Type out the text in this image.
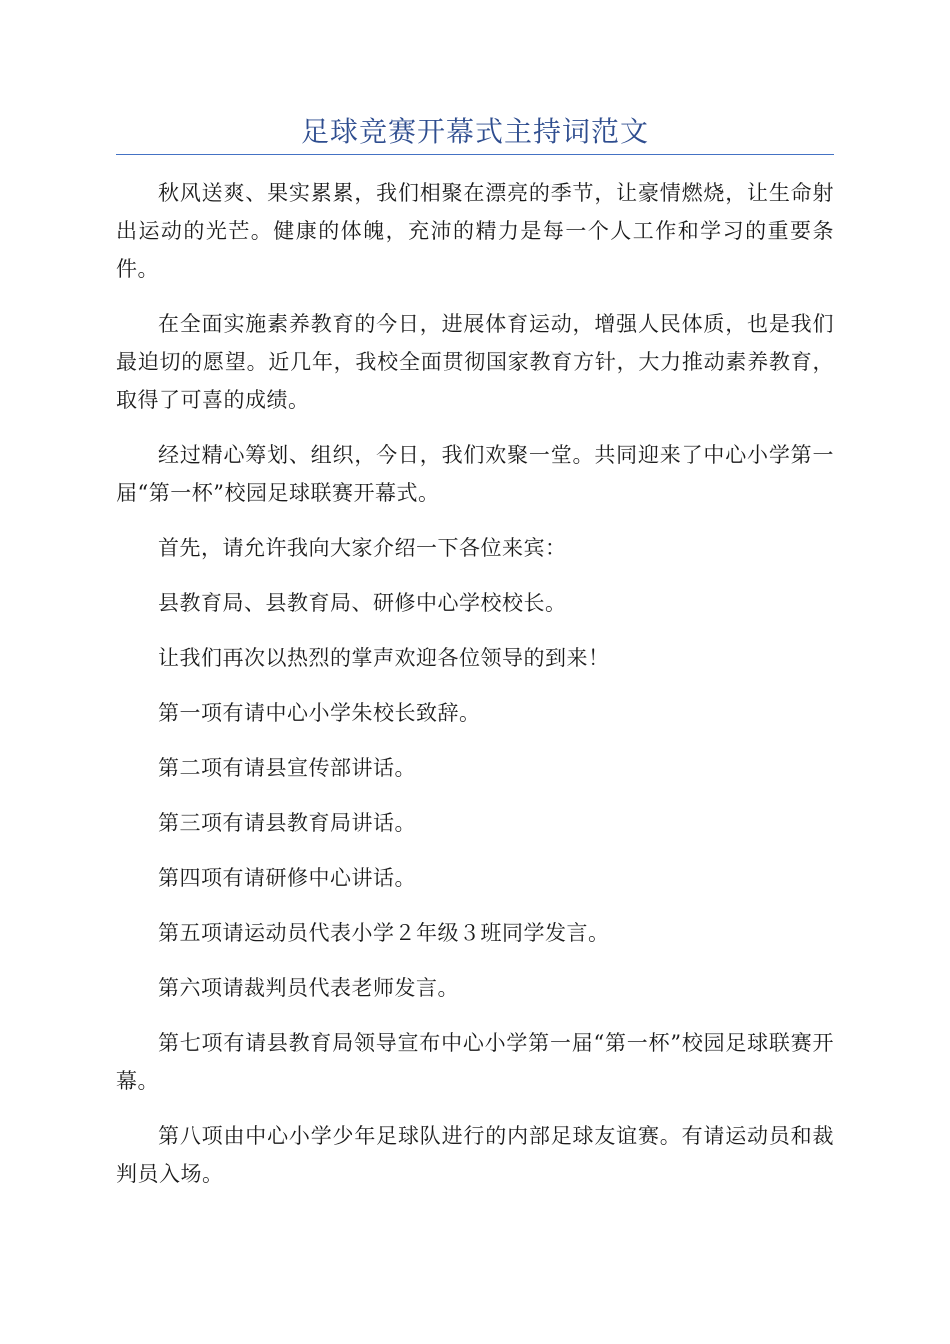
足球竞赛开幕式主持词范文

秋风送爽、果实累累，我们相聚在漂亮的季节，让豪情燃烧，让生命射出运动的光芒。健康的体魄，充沛的精力是每一个人工作和学习的重要条件。

在全面实施素养教育的今日，进展体育运动，增强人民体质，也是我们最迫切的愿望。近几年，我校全面贯彻国家教育方针，大力推动素养教育，取得了可喜的成绩。

经过精心筹划、组织，今日，我们欢聚一堂。共同迎来了中心小学第一届“第一杯”校园足球联赛开幕式。

首先，请允许我向大家介绍一下各位来宾：

县教育局、县教育局、研修中心学校校长。

让我们再次以热烈的掌声欢迎各位领导的到来！

第一项有请中心小学朱校长致辞。

第二项有请县宣传部讲话。

第三项有请县教育局讲话。

第四项有请研修中心讲话。

第五项请运动员代表小学２年级３班同学发言。

第六项请裁判员代表老师发言。

第七项有请县教育局领导宣布中心小学第一届“第一杯”校园足球联赛开幕。

第八项由中心小学少年足球队进行的内部足球友谊赛。有请运动员和裁判员入场。
